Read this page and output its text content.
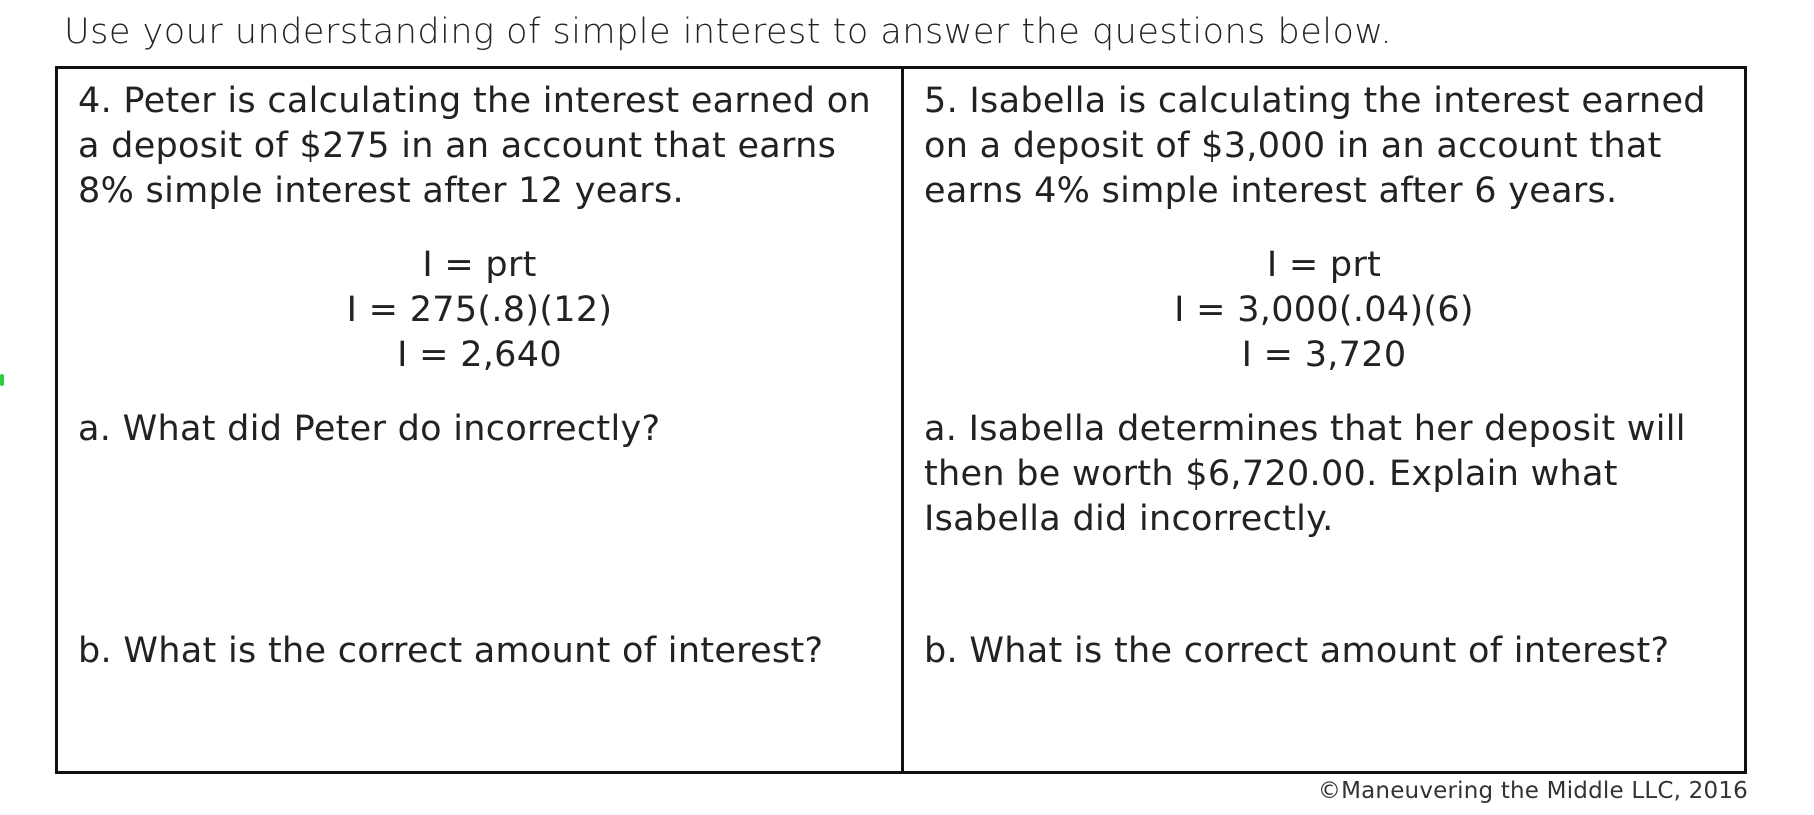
Use your understanding of simple interest to answer the questions below.
4. Peter is calculating the interest earned on a deposit of $275 in an account that earns 8% simple interest after 12 years.
I = prt
I = 275(.8)(12)
I = 2,640
a. What did Peter do incorrectly?
b. What is the correct amount of interest?
5. Isabella is calculating the interest earned on a deposit of $3,000 in an account that earns 4% simple interest after 6 years.
I = prt
I = 3,000(.04)(6)
I = 3,720
a. Isabella determines that her deposit will then be worth $6,720.00. Explain what Isabella did incorrectly.
b. What is the correct amount of interest?
©Maneuvering the Middle LLC, 2016
